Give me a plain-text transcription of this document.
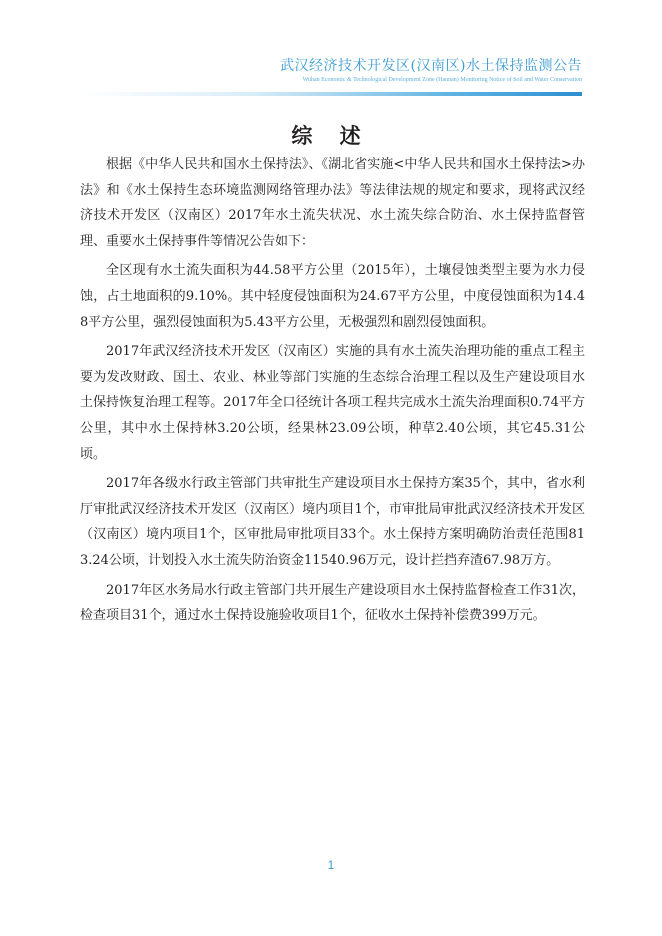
武汉经济技术开发区(汉南区)水土保持监测公告
Wuhan Economic & Technological Development Zone (Hannan) Monitoring Notice of Soil and Water Conservation
综 述

根据《中华人民共和国水土保持法》、《湖北省实施<中华人民共和国水土保持法>办法》和《水土保持生态环境监测网络管理办法》等法律法规的规定和要求，现将武汉经济技术开发区（汉南区）2017年水土流失状况、水土流失综合防治、水土保持监督管理、重要水土保持事件等情况公告如下：

全区现有水土流失面积为44.58平方公里（2015年），土壤侵蚀类型主要为水力侵蚀，占土地面积的9.10%。其中轻度侵蚀面积为24.67平方公里，中度侵蚀面积为14.48平方公里，强烈侵蚀面积为5.43平方公里，无极强烈和剧烈侵蚀面积。

2017年武汉经济技术开发区（汉南区）实施的具有水土流失治理功能的重点工程主要为发改财政、国土、农业、林业等部门实施的生态综合治理工程以及生产建设项目水土保持恢复治理工程等。2017年全口径统计各项工程共完成水土流失治理面积0.74平方公里，其中水土保持林3.20公顷，经果林23.09公顷，种草2.40公顷，其它45.31公顷。

2017年各级水行政主管部门共审批生产建设项目水土保持方案35个，其中，省水利厅审批武汉经济技术开发区（汉南区）境内项目1个，市审批局审批武汉经济技术开发区（汉南区）境内项目1个，区审批局审批项目33个。水土保持方案明确防治责任范围813.24公顷，计划投入水土流失防治资金11540.96万元，设计拦挡弃渣67.98万方。

2017年区水务局水行政主管部门共开展生产建设项目水土保持监督检查工作31次，检查项目31个，通过水土保持设施验收项目1个，征收水土保持补偿费399万元。

1
